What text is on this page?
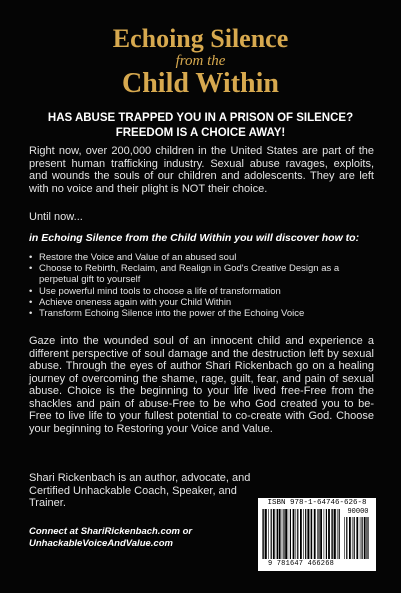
Echoing Silence
from the
Child Within
HAS ABUSE TRAPPED YOU IN A PRISON OF SILENCE?
FREEDOM IS A CHOICE AWAY!
Right now, over 200,000 children in the United States are part of the present human trafficking industry. Sexual abuse ravages, exploits, and wounds the souls of our children and adolescents. They are left with no voice and their plight is NOT their choice.
Until now...
in Echoing Silence from the Child Within you will discover how to:
• Restore the Voice and Value of an abused soul
• Choose to Rebirth, Reclaim, and Realign in God's Creative Design as a perpetual gift to yourself
• Use powerful mind tools to choose a life of transformation
• Achieve oneness again with your Child Within
• Transform Echoing Silence into the power of the Echoing Voice
Gaze into the wounded soul of an innocent child and experience a different perspective of soul damage and the destruction left by sexual abuse. Through the eyes of author Shari Rickenbach go on a healing journey of overcoming the shame, rage, guilt, fear, and pain of sexual abuse. Choice is the beginning to your life lived free-Free from the shackles and pain of abuse-Free to be who God created you to be-Free to live life to your fullest potential to co-create with God. Choose your beginning to Restoring your Voice and Value.
Shari Rickenbach is an author, advocate, and Certified Unhackable Coach, Speaker, and Trainer.
Connect at ShariRickenbach.com or
UnhackableVoiceAndValue.com
ISBN 978-1-64746-626-8
90000
9 781647 466268
